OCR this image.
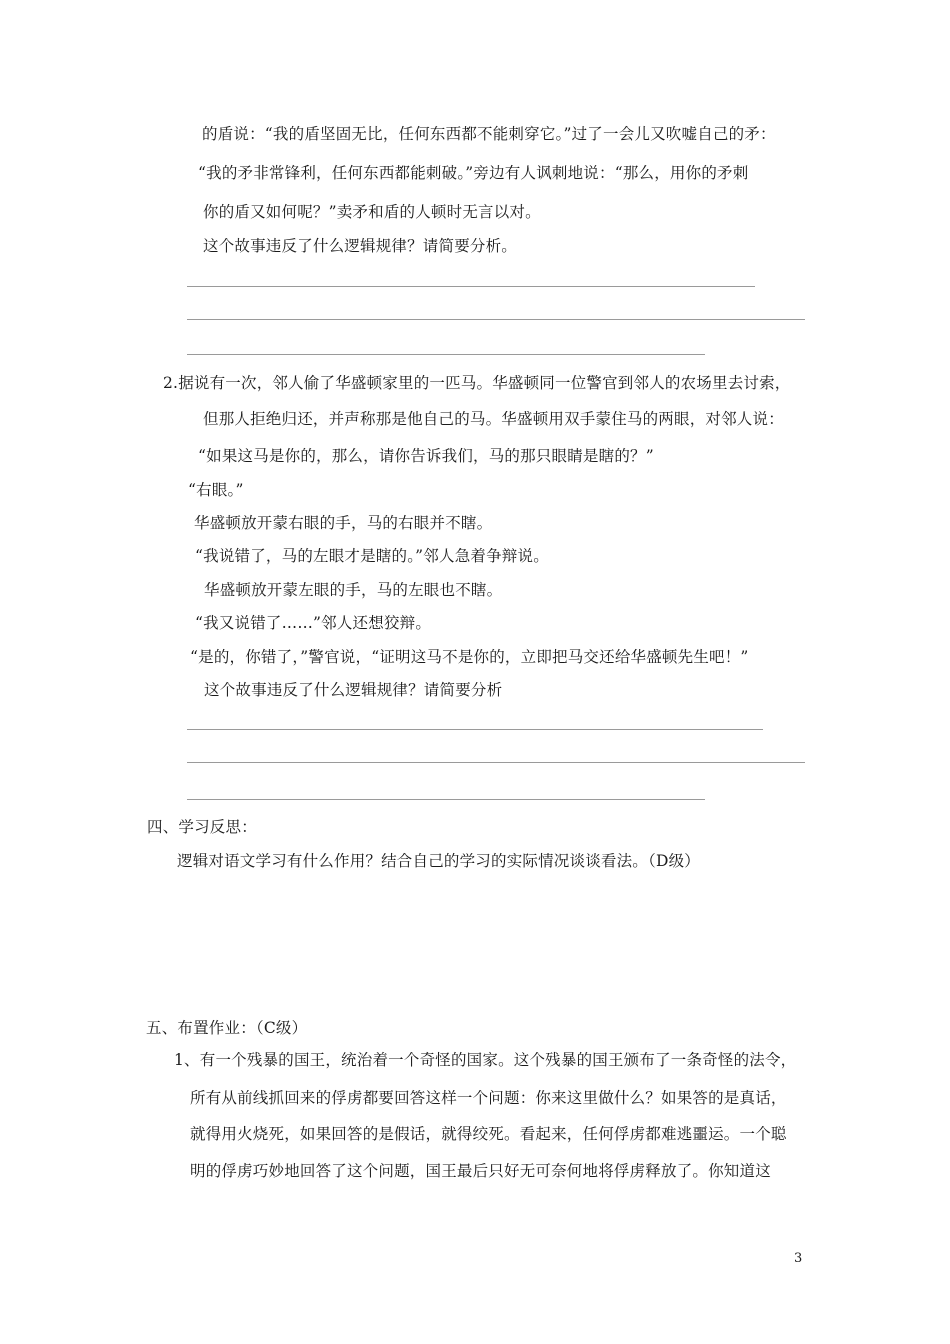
的盾说：“我的盾坚固无比，任何东西都不能刺穿它。”过了一会儿又吹嘘自己的矛：
“我的矛非常锋利，任何东西都能刺破。”旁边有人讽刺地说：“那么，用你的矛刺
你的盾又如何呢？”卖矛和盾的人顿时无言以对。
这个故事违反了什么逻辑规律？请简要分析。
2.据说有一次，邻人偷了华盛顿家里的一匹马。华盛顿同一位警官到邻人的农场里去讨索，
但那人拒绝归还，并声称那是他自己的马。华盛顿用双手蒙住马的两眼，对邻人说：
“如果这马是你的，那么，请你告诉我们，马的那只眼睛是瞎的？”
“右眼。”
华盛顿放开蒙右眼的手，马的右眼并不瞎。
“我说错了，马的左眼才是瞎的。”邻人急着争辩说。
华盛顿放开蒙左眼的手，马的左眼也不瞎。
“我又说错了……”邻人还想狡辩。
“是的，你错了，”警官说，“证明这马不是你的，立即把马交还给华盛顿先生吧！”
这个故事违反了什么逻辑规律？请简要分析
四、学习反思：
逻辑对语文学习有什么作用？结合自己的学习的实际情况谈谈看法。（D级）
五、布置作业：（C级）
1、有一个残暴的国王，统治着一个奇怪的国家。这个残暴的国王颁布了一条奇怪的法令，
所有从前线抓回来的俘虏都要回答这样一个问题：你来这里做什么？如果答的是真话，
就得用火烧死，如果回答的是假话，就得绞死。看起来，任何俘虏都难逃噩运。一个聪
明的俘虏巧妙地回答了这个问题，国王最后只好无可奈何地将俘虏释放了。你知道这
3
